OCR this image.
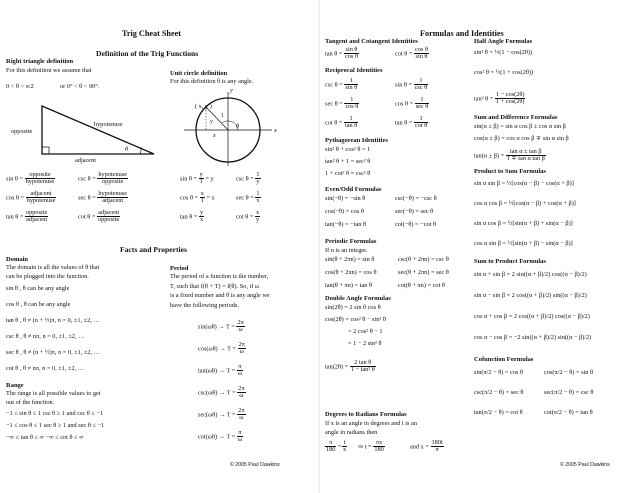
Trig Cheat Sheet
Definition of the Trig Functions
Right triangle definition
For this definition we assume that
0 < θ < π/2	or 0° < θ < 90°.
hypotenuse
opposite
adjacent
θ
$\sin \theta = \frac{\text{opposite}}{\text{hypotenuse}}$	$\csc \theta = \frac{\text{hypotenuse}}{\text{opposite}}$
$\cos \theta = \frac{\text{adjacent}}{\text{hypotenuse}}$	$\sec \theta = \frac{\text{hypotenuse}}{\text{adjacent}}$
$\tan \theta = \frac{\text{opposite}}{\text{adjacent}}$	$\cot \theta = \frac{\text{adjacent}}{\text{opposite}}$
Unit circle definition
For this definition θ is any angle.
( x, y )
y
x
y
x
1
θ
$\sin \theta = \frac{y}{1} = y$	$\csc \theta = \frac{1}{y}$
$\cos \theta = \frac{x}{1} = x$	$\sec \theta = \frac{1}{x}$
$\tan \theta = \frac{y}{x}$	$\cot \theta = \frac{x}{y}$
Facts and Properties
Domain
The domain is all the values of θ that
can be plugged into the function.
sin θ , θ can be any angle
cos θ , θ can be any angle
tan θ , θ ≠ (n + ½)π, n = 0, ±1, ±2, …
csc θ , θ ≠ nπ, n = 0, ±1, ±2, …
sec θ , θ ≠ (n + ½)π, n = 0, ±1, ±2, …
cot θ , θ ≠ nπ, n = 0, ±1, ±2, …
Range
The range is all possible values to get
out of the function.
−1 ≤ sin θ ≤ 1 csc θ ≥ 1 and csc θ ≤ −1
−1 ≤ cos θ ≤ 1 sec θ ≥ 1 and sec θ ≤ −1
−∞ ≤ tan θ ≤ ∞ −∞ ≤ cot θ ≤ ∞
Period
The period of a function is the number,
T, such that f(θ + T) = f(θ). So, if ω
is a fixed number and θ is any angle we
have the following periods.
$\sin(\omega\theta) \to T = \frac{2\pi}{\omega}$
$\cos(\omega\theta) \to T = \frac{2\pi}{\omega}$
$\tan(\omega\theta) \to T = \frac{\pi}{\omega}$
$\csc(\omega\theta) \to T = \frac{2\pi}{\omega}$
$\sec(\omega\theta) \to T = \frac{2\pi}{\omega}$
$\cot(\omega\theta) \to T = \frac{\pi}{\omega}$
© 2005 Paul Dawkins
Formulas and Identities
Tangent and Cotangent Identities
$\tan \theta = \frac{\text{sin θ}}{\text{cos θ}}$	$\cot \theta = \frac{\text{cos θ}}{\text{sin θ}}$
Reciprocal Identities
$\csc \theta = \frac{1}{\text{sin θ}}$	$\sin \theta = \frac{1}{\text{csc θ}}$
$\sec \theta = \frac{1}{\text{cos θ}}$	$\cos \theta = \frac{1}{\text{sec θ}}$
$\cot \theta = \frac{1}{\text{tan θ}}$	$\tan \theta = \frac{1}{\text{cot θ}}$
Pythagorean Identities
sin² θ + cos² θ = 1
tan² θ + 1 = sec² θ
1 + cot² θ = csc² θ
Even/Odd Formulas
sin(−θ) = −sin θ	csc(−θ) = −csc θ
cos(−θ) = cos θ	sec(−θ) = sec θ
tan(−θ) = −tan θ	cot(−θ) = −cot θ
Periodic Formulas
If n is an integer.
sin(θ + 2πn) = sin θ	csc(θ + 2πn) = csc θ
cos(θ + 2πn) = cos θ	sec(θ + 2πn) = sec θ
tan(θ + πn) = tan θ	cot(θ + πn) = cot θ
Double Angle Formulas
sin(2θ) = 2 sin θ cos θ
cos(2θ) = cos² θ − sin² θ
= 2 cos² θ − 1
= 1 − 2 sin² θ
$\tan(2\theta) = \frac{\text{2 tan θ}}{\text{1 − tan² θ}}$
Degrees to Radians Formulas
If x is an angle in degrees and t is an
angle in radians then
$\frac{\pi}{180} = \frac{t}{x}$ ⇒ $t = \frac{\pi x}{180}$	and $x = \frac{180t}{\pi}$
Half Angle Formulas
sin² θ = ½(1 − cos(2θ))
cos² θ = ½(1 + cos(2θ))
tan² $\theta = \frac{1 - \cos(2\theta)}{1 + \cos(2\theta)}$
Sum and Difference Formulas
sin(α ± β) = sin α cos β ± cos α sin β
cos(α ± β) = cos α cos β ∓ sin α sin β
$\tan(\alpha \pm \beta) = \frac{\text{tan α ± tan β}}{\text{1 ∓ tan α tan β}}$
Product to Sum Formulas
sin α sin β = ½[cos(α − β) − cos(α + β)]
cos α cos β = ½[cos(α − β) + cos(α + β)]
sin α cos β = ½[sin(α + β) + sin(α − β)]
cos α sin β = ½[sin(α + β) − sin(α − β)]
Sum to Product Formulas
sin α + sin β = 2 sin((α + β)/2) cos((α − β)/2)
sin α − sin β = 2 cos((α + β)/2) sin((α − β)/2)
cos α + cos β = 2 cos((α + β)/2) cos((α − β)/2)
cos α − cos β = −2 sin((α + β)/2) sin((α − β)/2)
Cofunction Formulas
sin(π/2 − θ) = cos θ	cos(π/2 − θ) = sin θ
csc(π/2 − θ) = sec θ	sec(π/2 − θ) = csc θ
tan(π/2 − θ) = cot θ	cot(π/2 − θ) = tan θ
© 2005 Paul Dawkins
